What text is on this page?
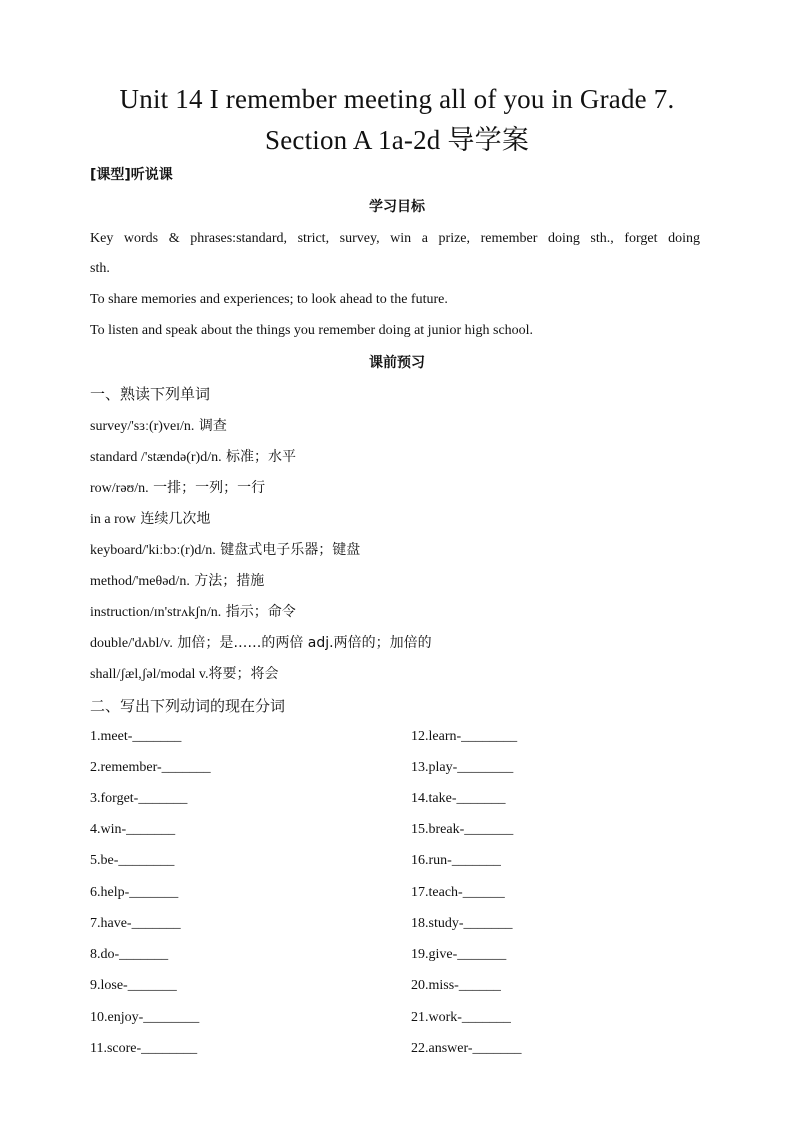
Unit 14 I remember meeting all of you in Grade 7.
Section A 1a-2d 导学案
[课型]听说课
学习目标
Key words & phrases:standard, strict, survey, win a prize, remember doing sth., forget doing
sth.
To share memories and experiences; to look ahead to the future.
To listen and speak about the things you remember doing at junior high school.
课前预习
一、熟读下列单词
survey/'sɜː(r)veɪ/n. 调查
standard /'stændə(r)d/n. 标准；水平
row/rəʊ/n. 一排；一列；一行
in a row 连续几次地
keyboard/'kiːbɔː(r)d/n. 键盘式电子乐器；键盘
method/'meθəd/n. 方法；措施
instruction/ɪn'strʌkʃn/n. 指示；命令
double/'dʌbl/v. 加倍；是……的两倍 adj.两倍的；加倍的
shall/ʃæl,ʃəl/modal v.将要；将会
二、写出下列动词的现在分词
1.meet-_______
2.remember-_______
3.forget-_______
4.win-_______
5.be-________
6.help-_______
7.have-_______
8.do-_______
9.lose-_______
10.enjoy-________
11.score-________
12.learn-________
13.play-________
14.take-_______
15.break-_______
16.run-_______
17.teach-______
18.study-_______
19.give-_______
20.miss-______
21.work-_______
22.answer-_______
